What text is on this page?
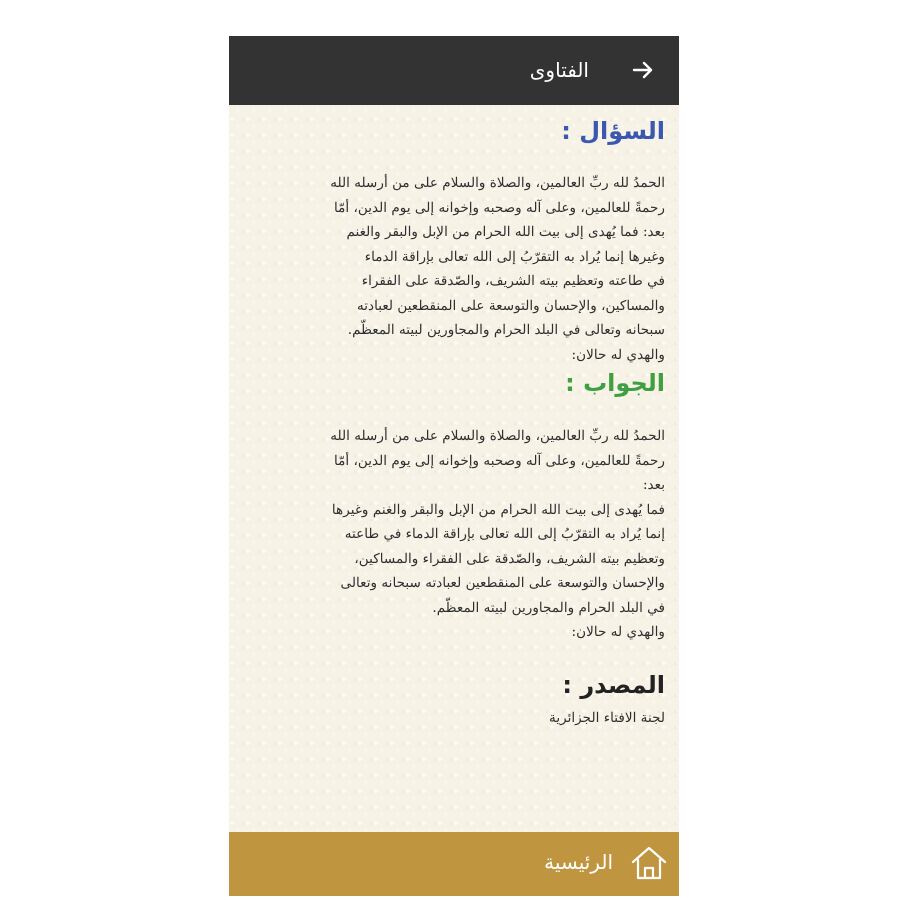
الفتاوى
السؤال :

الحمدُ لله ربِّ العالمين، والصلاة والسلام على من أرسله الله
رحمةً للعالمين، وعلى آله وصحبه وإخوانه إلى يوم الدين، أمّا
بعد: فما يُهدى إلى بيت الله الحرام من الإبل والبقر والغنم
وغيرها إنما يُراد به التقرّبُ إلى الله تعالى بإراقة الدماء
في طاعته وتعظيم بيته الشريف، والصّدقة على الفقراء
والمساكين، والإحسان والتوسعة على المنقطعين لعبادته
سبحانه وتعالى في البلد الحرام والمجاورين لبيته المعظّم.
والهدي له حالان:

الجواب :

الحمدُ لله ربِّ العالمين، والصلاة والسلام على من أرسله الله
رحمةً للعالمين، وعلى آله وصحبه وإخوانه إلى يوم الدين، أمّا
بعد:
فما يُهدى إلى بيت الله الحرام من الإبل والبقر والغنم وغيرها
إنما يُراد به التقرّبُ إلى الله تعالى بإراقة الدماء في طاعته
وتعظيم بيته الشريف، والصّدقة على الفقراء والمساكين،
والإحسان والتوسعة على المنقطعين لعبادته سبحانه وتعالى
في البلد الحرام والمجاورين لبيته المعظّم.
والهدي له حالان:

المصدر :
لجنة الافتاء الجزائرية
الرئيسية
